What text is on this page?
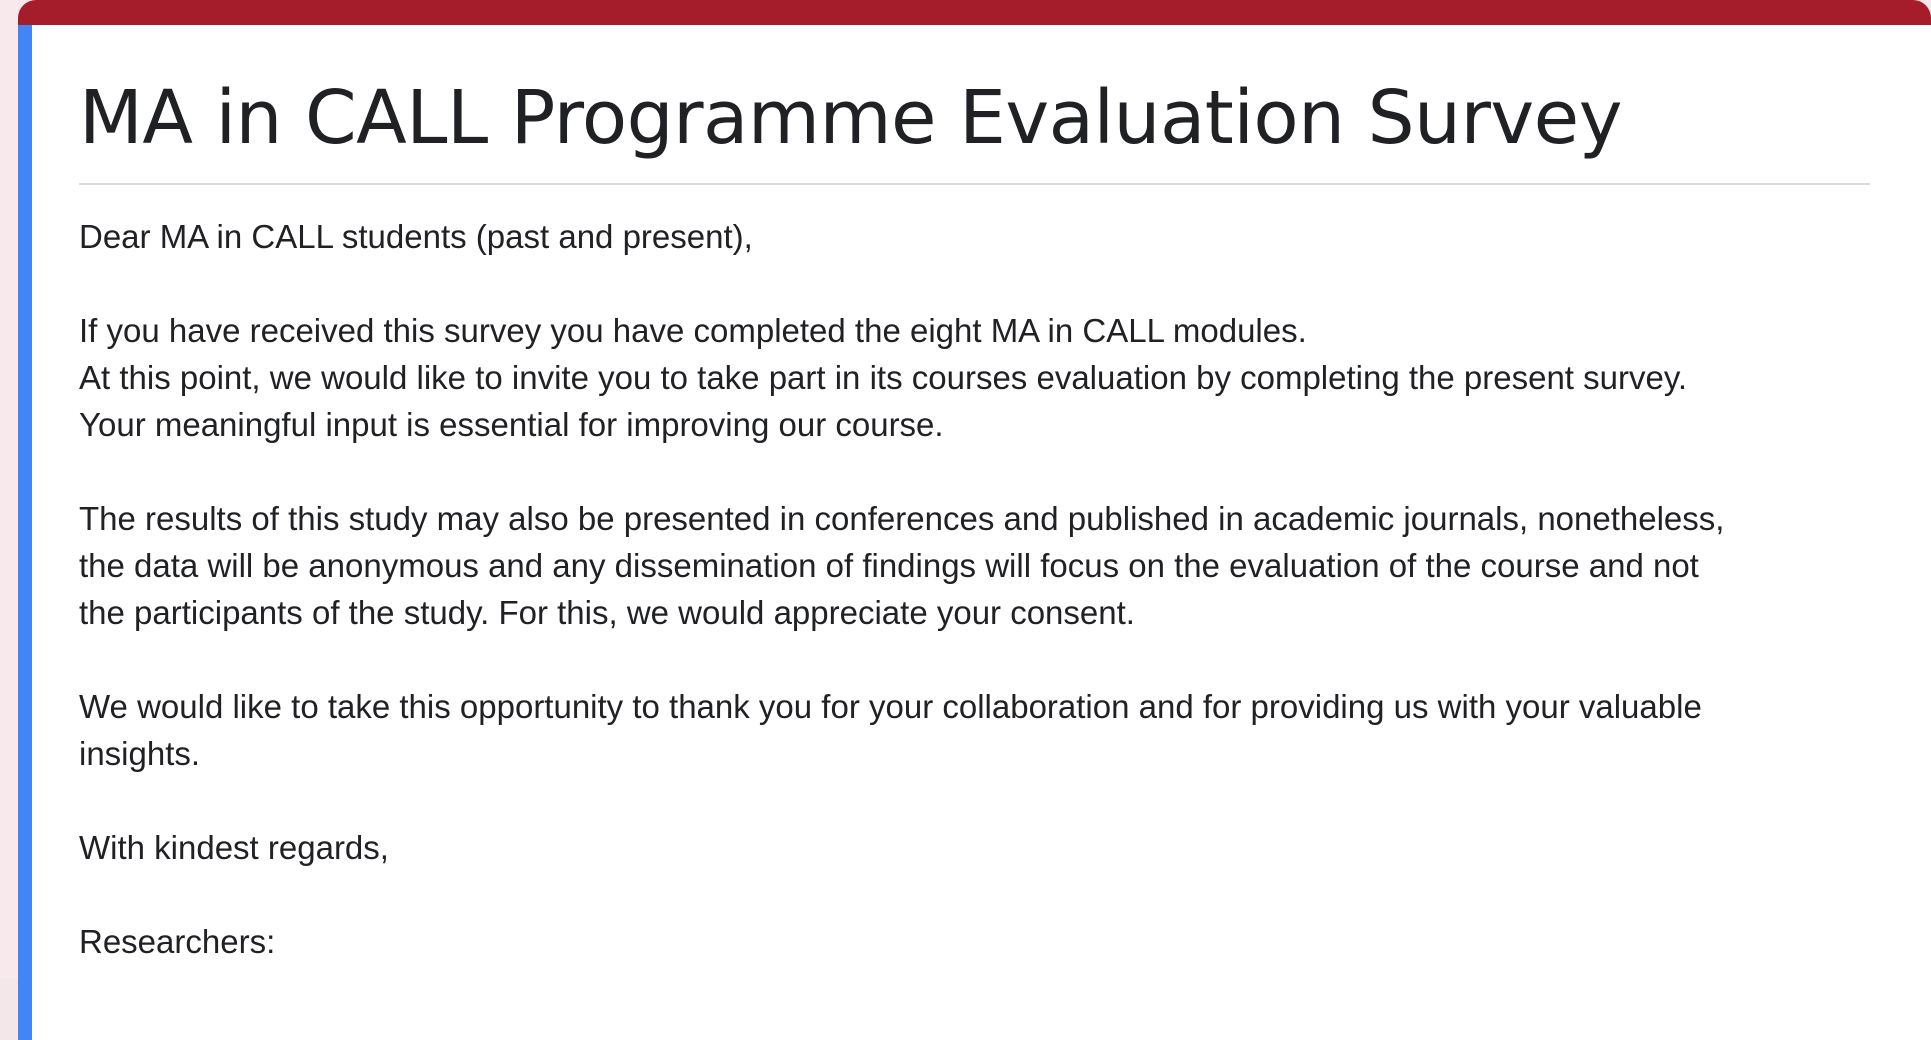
MA in CALL Programme Evaluation Survey

Dear MA in CALL students (past and present),

If you have received this survey you have completed the eight MA in CALL modules.

At this point, we would like to invite you to take part in its courses evaluation by completing the present survey.

Your meaningful input is essential for improving our course.

The results of this study may also be presented in conferences and published in academic journals, nonetheless,

the data will be anonymous and any dissemination of findings will focus on the evaluation of the course and not

the participants of the study. For this, we would appreciate your consent.

We would like to take this opportunity to thank you for your collaboration and for providing us with your valuable

insights.

With kindest regards,

Researchers:
